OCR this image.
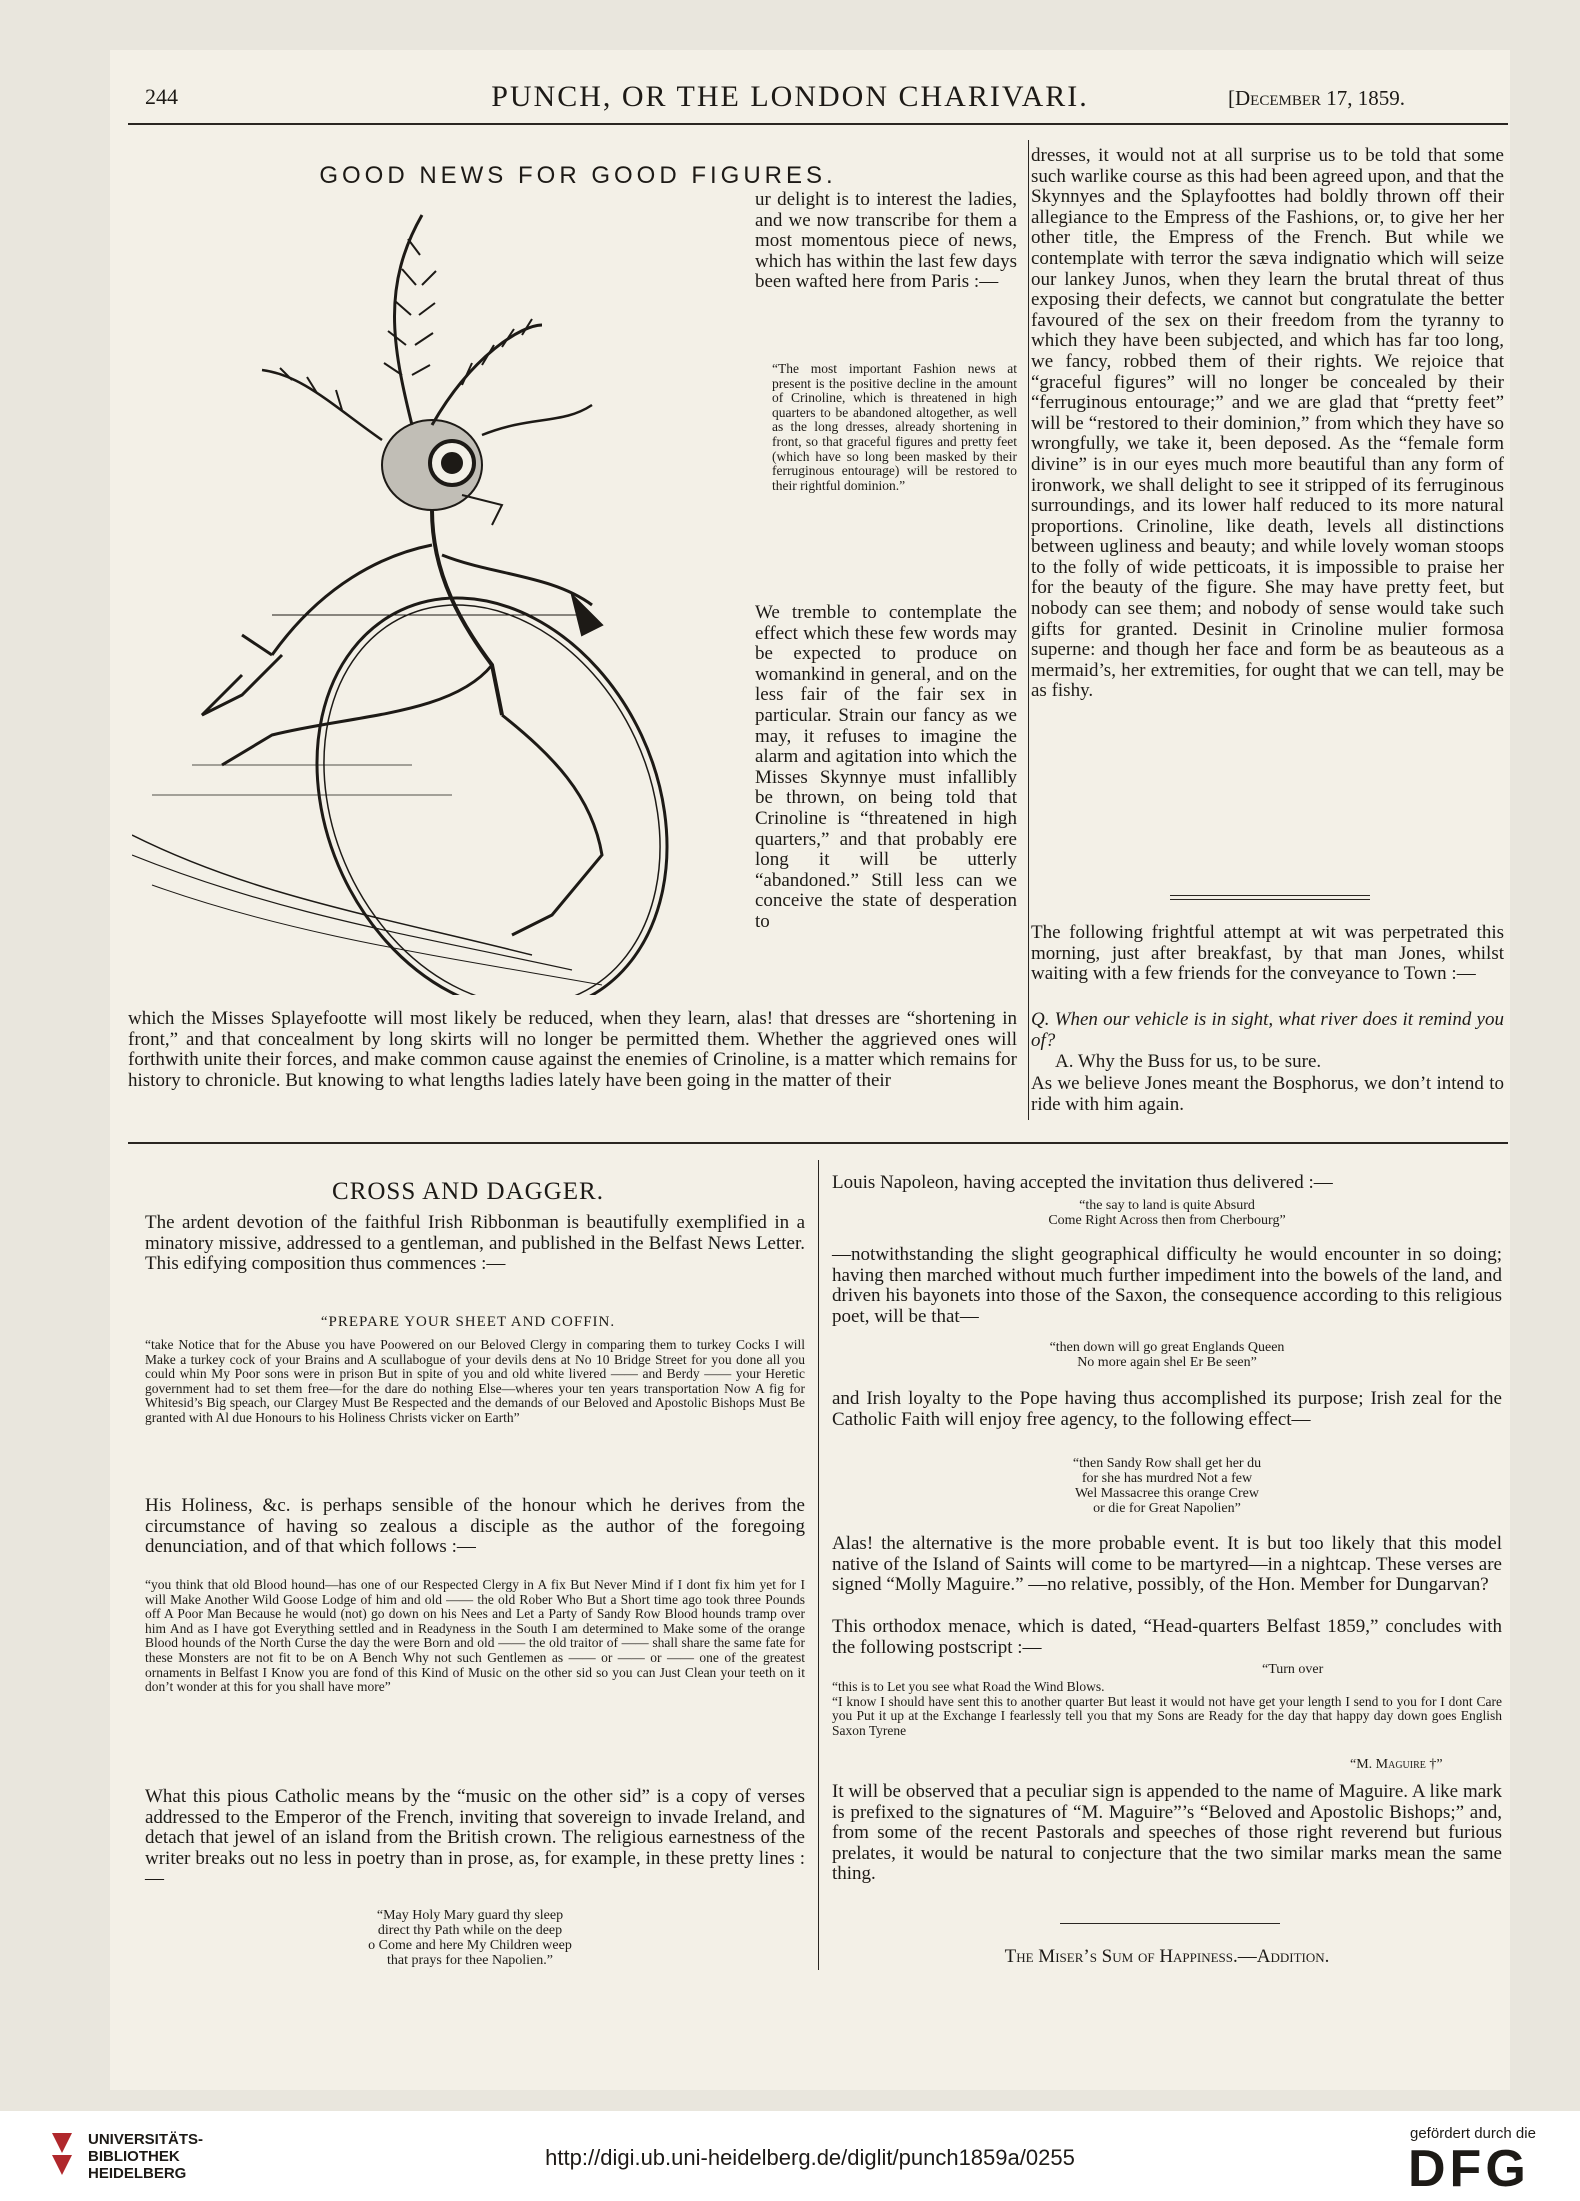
244	PUNCH, OR THE LONDON CHARIVARI.	[December 17, 1859.
GOOD NEWS FOR GOOD FIGURES.

ur delight is to interest the ladies, and we now transcribe for them a most momentous piece of news, which has within the last few days been wafted here from Paris :—

“The most important Fashion news at present is the positive decline in the amount of Crinoline, which is threatened in high quarters to be abandoned altogether, as well as the long dresses, already shortening in front, so that graceful figures and pretty feet (which have so long been masked by their ferruginous entourage) will be restored to their rightful dominion.”

We tremble to contemplate the effect which these few words may be expected to produce on womankind in general, and on the less fair of the fair sex in particular. Strain our fancy as we may, it refuses to imagine the alarm and agitation into which the Misses Skynnye must infallibly be thrown, on being told that Crinoline is “threatened in high quarters,” and that probably ere long it will be utterly “abandoned.” Still less can we conceive the state of desperation to

which the Misses Splayefootte will most likely be reduced, when they learn, alas! that dresses are “shortening in front,” and that concealment by long skirts will no longer be permitted them. Whether the aggrieved ones will forthwith unite their forces, and make common cause against the enemies of Crinoline, is a matter which remains for history to chronicle. But knowing to what lengths ladies lately have been going in the matter of their

dresses, it would not at all surprise us to be told that some such warlike course as this had been agreed upon, and that the Skynnyes and the Splayfoottes had boldly thrown off their allegiance to the Empress of the Fashions, or, to give her her other title, the Empress of the French. But while we contemplate with terror the sæva indignatio which will seize our lankey Junos, when they learn the brutal threat of thus exposing their defects, we cannot but congratulate the better favoured of the sex on their freedom from the tyranny to which they have been subjected, and which has far too long, we fancy, robbed them of their rights. We rejoice that “graceful figures” will no longer be concealed by their “ferruginous entourage;” and we are glad that “pretty feet” will be “restored to their dominion,” from which they have so wrongfully, we take it, been deposed. As the “female form divine” is in our eyes much more beautiful than any form of ironwork, we shall delight to see it stripped of its ferruginous surroundings, and its lower half reduced to its more natural proportions. Crinoline, like death, levels all distinctions between ugliness and beauty; and while lovely woman stoops to the folly of wide petticoats, it is impossible to praise her for the beauty of the figure. She may have pretty feet, but nobody can see them; and nobody of sense would take such gifts for granted. Desinit in Crinoline mulier formosa superne: and though her face and form be as beauteous as a mermaid’s, her extremities, for ought that we can tell, may be as fishy.

The following frightful attempt at wit was perpetrated this morning, just after breakfast, by that man Jones, whilst waiting with a few friends for the conveyance to Town :—

Q. When our vehicle is in sight, what river does it remind you of?

A. Why the Buss for us, to be sure.

As we believe Jones meant the Bosphorus, we don’t intend to ride with him again.

CROSS AND DAGGER.

The ardent devotion of the faithful Irish Ribbonman is beautifully exemplified in a minatory missive, addressed to a gentleman, and published in the Belfast News Letter. This edifying composition thus commences :—

“PREPARE YOUR SHEET AND COFFIN.

“take Notice that for the Abuse you have Poowered on our Beloved Clergy in comparing them to turkey Cocks I will Make a turkey cock of your Brains and A scullabogue of your devils dens at No 10 Bridge Street for you done all you could whin My Poor sons were in prison But in spite of you and old white livered —— and Berdy —— your Heretic government had to set them free—for the dare do nothing Else—wheres your ten years transportation Now A fig for Whitesid’s Big speach, our Clargey Must Be Respected and the demands of our Beloved and Apostolic Bishops Must Be granted with Al due Honours to his Holiness Christs vicker on Earth”

His Holiness, &c. is perhaps sensible of the honour which he derives from the circumstance of having so zealous a disciple as the author of the foregoing denunciation, and of that which follows :—

“you think that old Blood hound—has one of our Respected Clergy in A fix But Never Mind if I dont fix him yet for I will Make Another Wild Goose Lodge of him and old —— the old Rober Who But a Short time ago took three Pounds off A Poor Man Because he would (not) go down on his Nees and Let a Party of Sandy Row Blood hounds tramp over him And as I have got Everything settled and in Readyness in the South I am determined to Make some of the orange Blood hounds of the North Curse the day the were Born and old —— the old traitor of —— shall share the same fate for these Monsters are not fit to be on A Bench Why not such Gentlemen as —— or —— or —— one of the greatest ornaments in Belfast I Know you are fond of this Kind of Music on the other sid so you can Just Clean your teeth on it don’t wonder at this for you shall have more”

What this pious Catholic means by the “music on the other sid” is a copy of verses addressed to the Emperor of the French, inviting that sovereign to invade Ireland, and detach that jewel of an island from the British crown. The religious earnestness of the writer breaks out no less in poetry than in prose, as, for example, in these pretty lines :—

“May Holy Mary guard thy sleep
direct thy Path while on the deep
o Come and here My Children weep
that prays for thee Napolien.”

Louis Napoleon, having accepted the invitation thus delivered :—

“the say to land is quite Absurd
Come Right Across then from Cherbourg”

—notwithstanding the slight geographical difficulty he would encounter in so doing; having then marched without much further impediment into the bowels of the land, and driven his bayonets into those of the Saxon, the consequence according to this religious poet, will be that—

“then down will go great Englands Queen
No more again shel Er Be seen”

and Irish loyalty to the Pope having thus accomplished its purpose; Irish zeal for the Catholic Faith will enjoy free agency, to the following effect—

“then Sandy Row shall get her du
for she has murdred Not a few
Wel Massacree this orange Crew
or die for Great Napolien”

Alas! the alternative is the more probable event. It is but too likely that this model native of the Island of Saints will come to be martyred—in a nightcap. These verses are signed “Molly Maguire.” —no relative, possibly, of the Hon. Member for Dungarvan?

This orthodox menace, which is dated, “Head-quarters Belfast 1859,” concludes with the following postscript :—

“Turn over

“this is to Let you see what Road the Wind Blows.
“I know I should have sent this to another quarter But least it would not have get your length I send to you for I dont Care you Put it up at the Exchange I fearlessly tell you that my Sons are Ready for the day that happy day down goes English Saxon Tyrene

“M. Maguire †”

It will be observed that a peculiar sign is appended to the name of Maguire. A like mark is prefixed to the signatures of “M. Maguire”’s “Beloved and Apostolic Bishops;” and, from some of the recent Pastorals and speeches of those right reverend but furious prelates, it would be natural to conjecture that the two similar marks mean the same thing.

The Miser’s Sum of Happiness.—Addition.
UNIVERSITÄTS-
BIBLIOTHEK
HEIDELBERG
http://digi.ub.uni-heidelberg.de/diglit/punch1859a/0255
gefördert durch die
DFG
